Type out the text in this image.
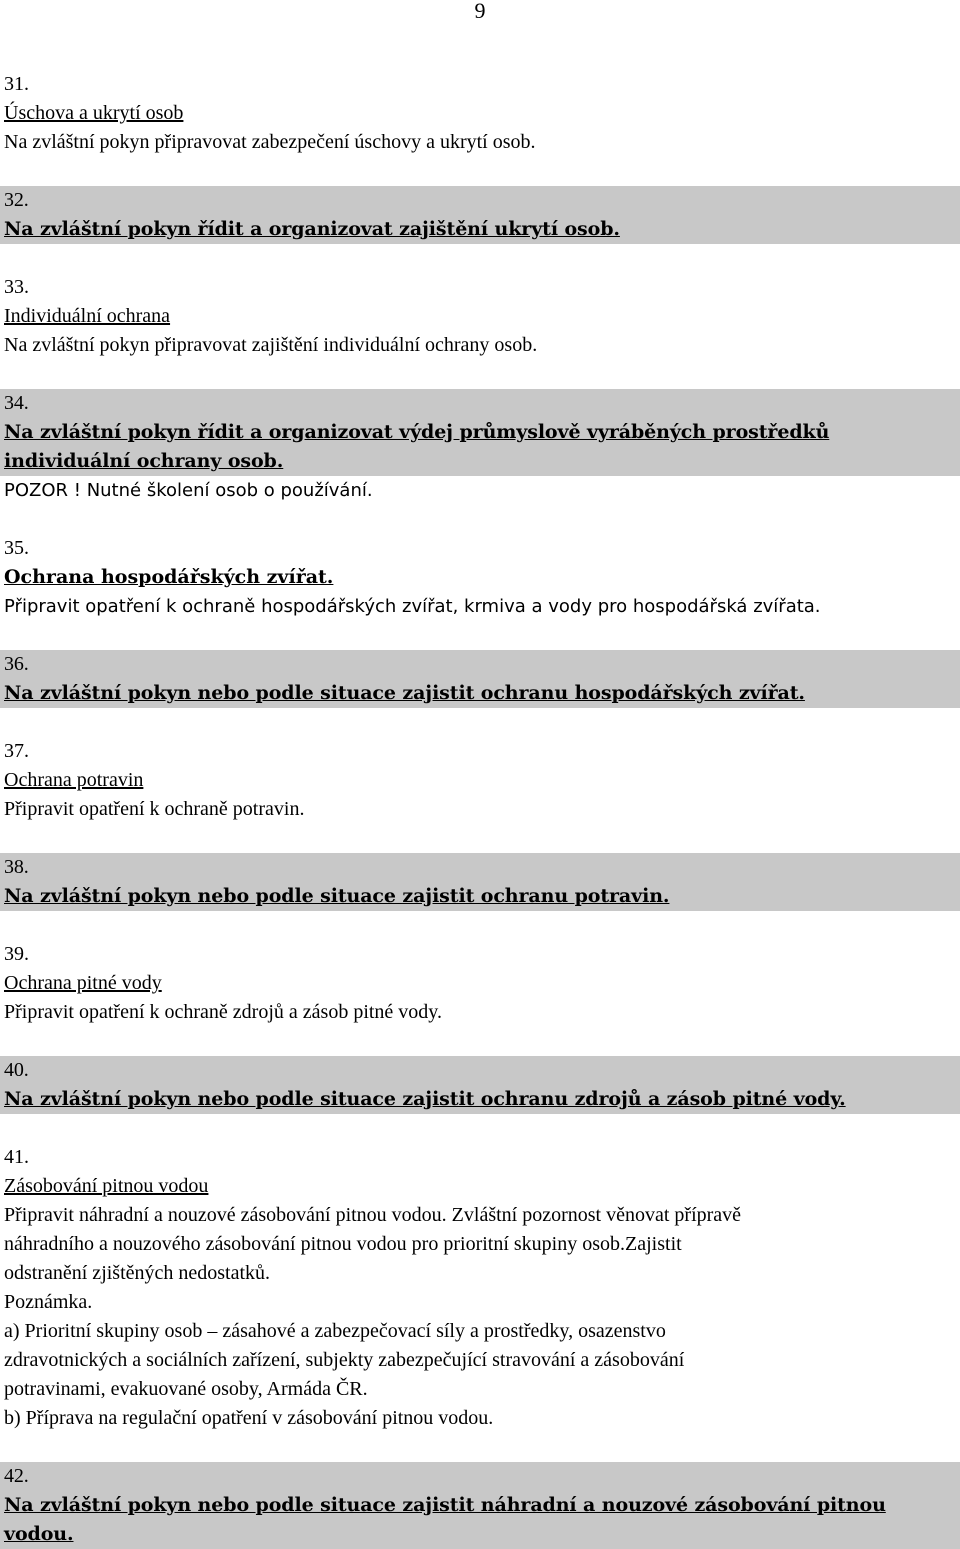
9
31.
Úschova a ukrytí osob
Na zvláštní pokyn připravovat zabezpečení úschovy a ukrytí osob.
32.
Na zvláštní pokyn řídit a organizovat zajištění ukrytí osob.
33.
Individuální ochrana
Na zvláštní pokyn připravovat zajištění individuální ochrany osob.
34.
Na zvláštní pokyn řídit a organizovat výdej průmyslově vyráběných prostředků
individuální ochrany osob.
POZOR ! Nutné školení osob o používání.
35.
Ochrana hospodářských zvířat.
Připravit opatření k ochraně hospodářských zvířat, krmiva a vody pro hospodářská zvířata.
36.
Na zvláštní pokyn nebo podle situace zajistit ochranu hospodářských zvířat.
37.
Ochrana potravin
Připravit opatření k ochraně potravin.
38.
Na zvláštní pokyn nebo podle situace zajistit ochranu potravin.
39.
Ochrana pitné vody
Připravit opatření k ochraně zdrojů a zásob pitné vody.
40.
Na zvláštní pokyn nebo podle situace zajistit ochranu zdrojů a zásob pitné vody.
41.
Zásobování pitnou vodou
Připravit náhradní a nouzové zásobování pitnou vodou. Zvláštní pozornost věnovat přípravě
náhradního a nouzového zásobování pitnou vodou pro prioritní skupiny osob.Zajistit
odstranění zjištěných nedostatků.
Poznámka.
a) Prioritní skupiny osob – zásahové a zabezpečovací síly a prostředky, osazenstvo
zdravotnických a sociálních zařízení, subjekty zabezpečující stravování a zásobování
potravinami, evakuované osoby, Armáda ČR.
b) Příprava na regulační opatření v zásobování pitnou vodou.
42.
Na zvláštní pokyn nebo podle situace zajistit náhradní a nouzové zásobování pitnou
vodou.
